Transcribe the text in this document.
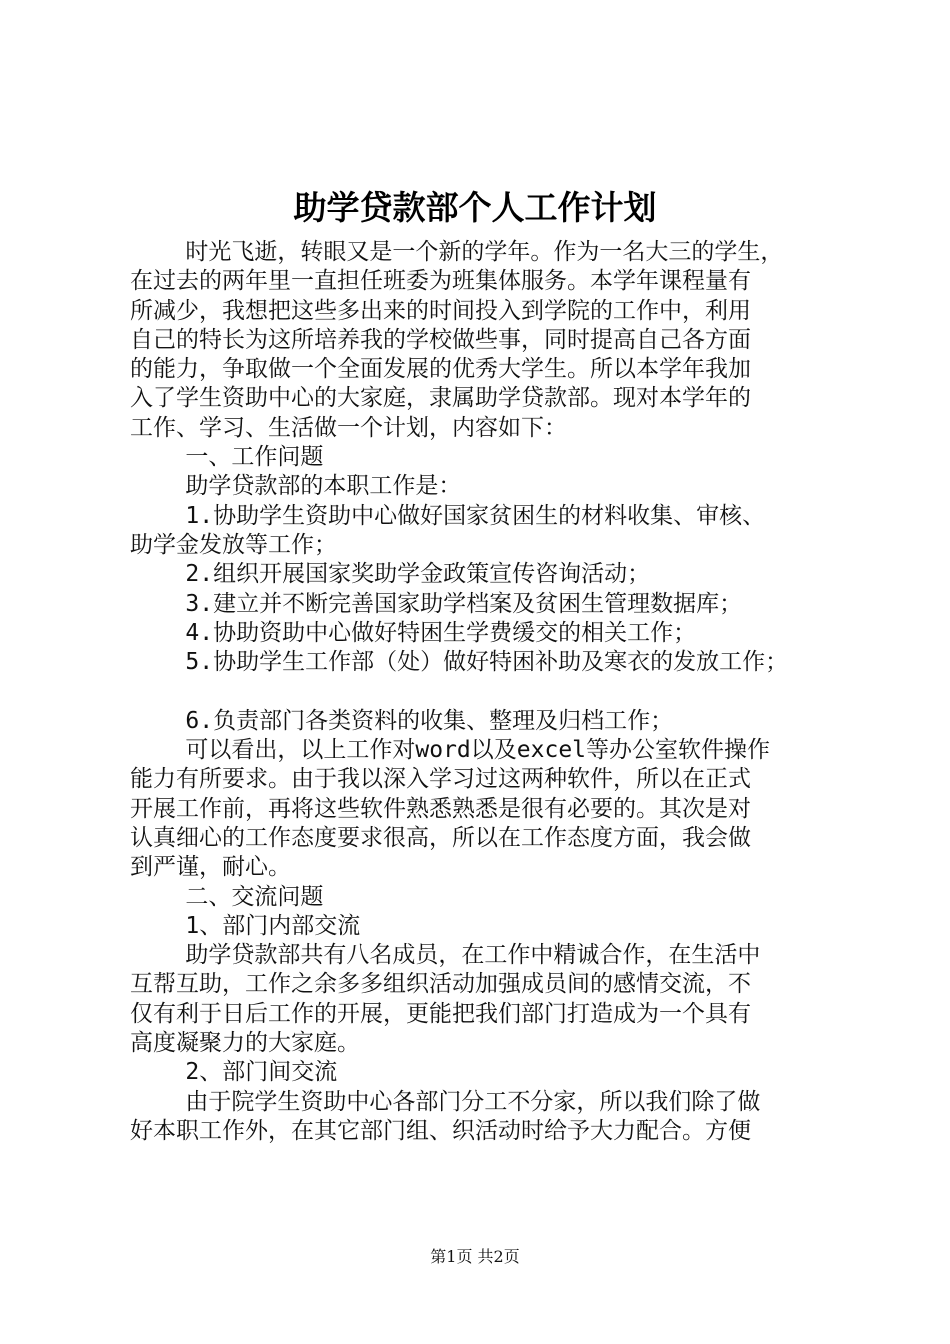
助学贷款部个人工作计划
时光飞逝，转眼又是一个新的学年。作为一名大三的学生，
在过去的两年里一直担任班委为班集体服务。本学年课程量有
所减少，我想把这些多出来的时间投入到学院的工作中，利用
自己的特长为这所培养我的学校做些事，同时提高自己各方面
的能力，争取做一个全面发展的优秀大学生。所以本学年我加
入了学生资助中心的大家庭，隶属助学贷款部。现对本学年的
工作、学习、生活做一个计划，内容如下：
一、工作问题
助学贷款部的本职工作是：
1.协助学生资助中心做好国家贫困生的材料收集、审核、
助学金发放等工作；
2.组织开展国家奖助学金政策宣传咨询活动；
3.建立并不断完善国家助学档案及贫困生管理数据库；
4.协助资助中心做好特困生学费缓交的相关工作；
5.协助学生工作部（处）做好特困补助及寒衣的发放工作；
6.负责部门各类资料的收集、整理及归档工作；
可以看出，以上工作对word以及excel等办公室软件操作
能力有所要求。由于我以深入学习过这两种软件，所以在正式
开展工作前，再将这些软件熟悉熟悉是很有必要的。其次是对
认真细心的工作态度要求很高，所以在工作态度方面，我会做
到严谨，耐心。
二、交流问题
1、部门内部交流
助学贷款部共有八名成员，在工作中精诚合作，在生活中
互帮互助，工作之余多多组织活动加强成员间的感情交流，不
仅有利于日后工作的开展，更能把我们部门打造成为一个具有
高度凝聚力的大家庭。
2、部门间交流
由于院学生资助中心各部门分工不分家，所以我们除了做
好本职工作外，在其它部门组、织活动时给予大力配合。方便
第1页 共2页
